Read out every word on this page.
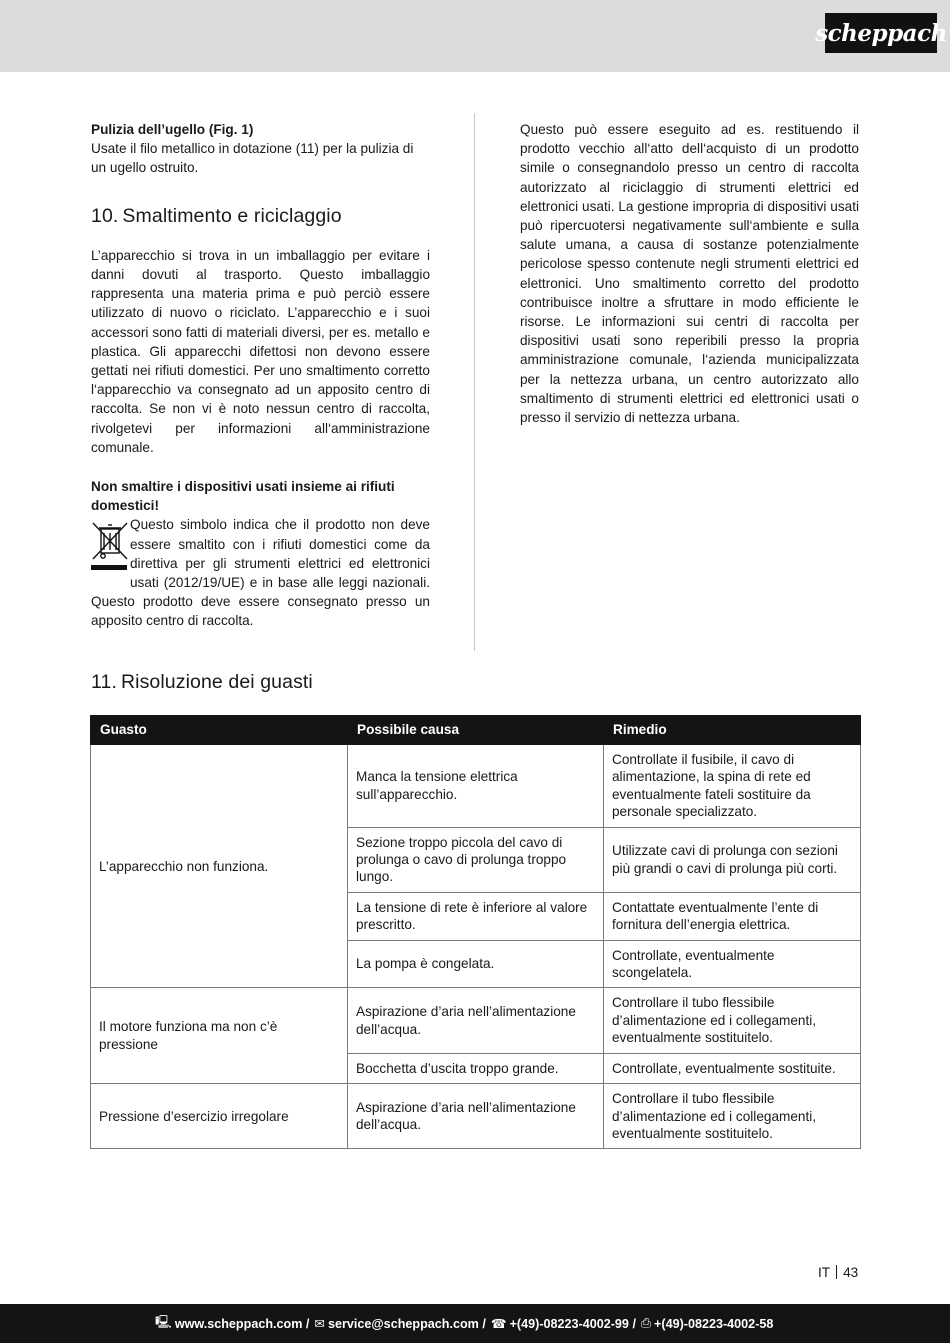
scheppach

Pulizia dell’ugello (Fig. 1)

Usate il filo metallico in dotazione (11) per la pulizia di un ugello ostruito.

10. Smaltimento e riciclaggio

L’apparecchio si trova in un imballaggio per evitare i danni dovuti al trasporto. Questo imballaggio rappresenta una materia prima e può perciò essere utilizzato di nuovo o riciclato. L’apparecchio e i suoi accessori sono fatti di materiali diversi, per es. metallo e plastica. Gli apparecchi difettosi non devono essere gettati nei rifiuti domestici. Per uno smaltimento corretto l‘apparecchio va consegnato ad un apposito centro di raccolta. Se non vi è noto nessun centro di raccolta, rivolgetevi per informazioni all‘amministrazione comunale.

Non smaltire i dispositivi usati insieme ai rifiuti domestici!

Questo simbolo indica che il prodotto non deve essere smaltito con i rifiuti domestici come da direttiva per gli strumenti elettrici ed elettronici usati (2012/19/UE) e in base alle leggi nazionali. Questo prodotto deve essere consegnato presso un apposito centro di raccolta.

Questo può essere eseguito ad es. restituendo il prodotto vecchio all‘atto dell‘acquisto di un prodotto simile o consegnandolo presso un centro di raccolta autorizzato al riciclaggio di strumenti elettrici ed elettronici usati. La gestione impropria di dispositivi usati può ripercuotersi negativamente sull‘ambiente e sulla salute umana, a causa di sostanze potenzialmente pericolose spesso contenute negli strumenti elettrici ed elettronici. Uno smaltimento corretto del prodotto contribuisce inoltre a sfruttare in modo efficiente le risorse. Le informazioni sui centri di raccolta per dispositivi usati sono reperibili presso la propria amministrazione comunale, l‘azienda municipalizzata per la nettezza urbana, un centro autorizzato allo smaltimento di strumenti elettrici ed elettronici usati o presso il servizio di nettezza urbana.

11. Risoluzione dei guasti
Guasto	Possibile causa	Rimedio
L’apparecchio non funziona.	Manca la tensione elettrica sull’apparecchio.	Controllate il fusibile, il cavo di alimentazione, la spina di rete ed eventualmente fateli sostituire da personale specializzato.
	Sezione troppo piccola del cavo di prolunga o cavo di prolunga troppo lungo.	Utilizzate cavi di prolunga con sezioni più grandi o cavi di prolunga più corti.
	La tensione di rete è inferiore al valore prescritto.	Contattate eventualmente l’ente di fornitura dell’energia elettrica.
	La pompa è congelata.	Controllate, eventualmente scongelatela.
Il motore funziona ma non c’è pressione	Aspirazione d’aria nell’alimentazione dell’acqua.	Controllare il tubo flessibile d’alimentazione ed i collegamenti, eventualmente sostituitelo.
	Bocchetta d’uscita troppo grande.	Controllate, eventualmente sostituite.
Pressione d’esercizio irregolare	Aspirazione d’aria nell’alimentazione dell’acqua.	Controllare il tubo flessibile d’alimentazione ed i collegamenti, eventualmente sostituitelo.
IT 43
🖳︎ www.scheppach.com / ✉︎ service@scheppach.com / ☎ +(49)-08223-4002-99 / ⎙ +(49)-08223-4002-58
